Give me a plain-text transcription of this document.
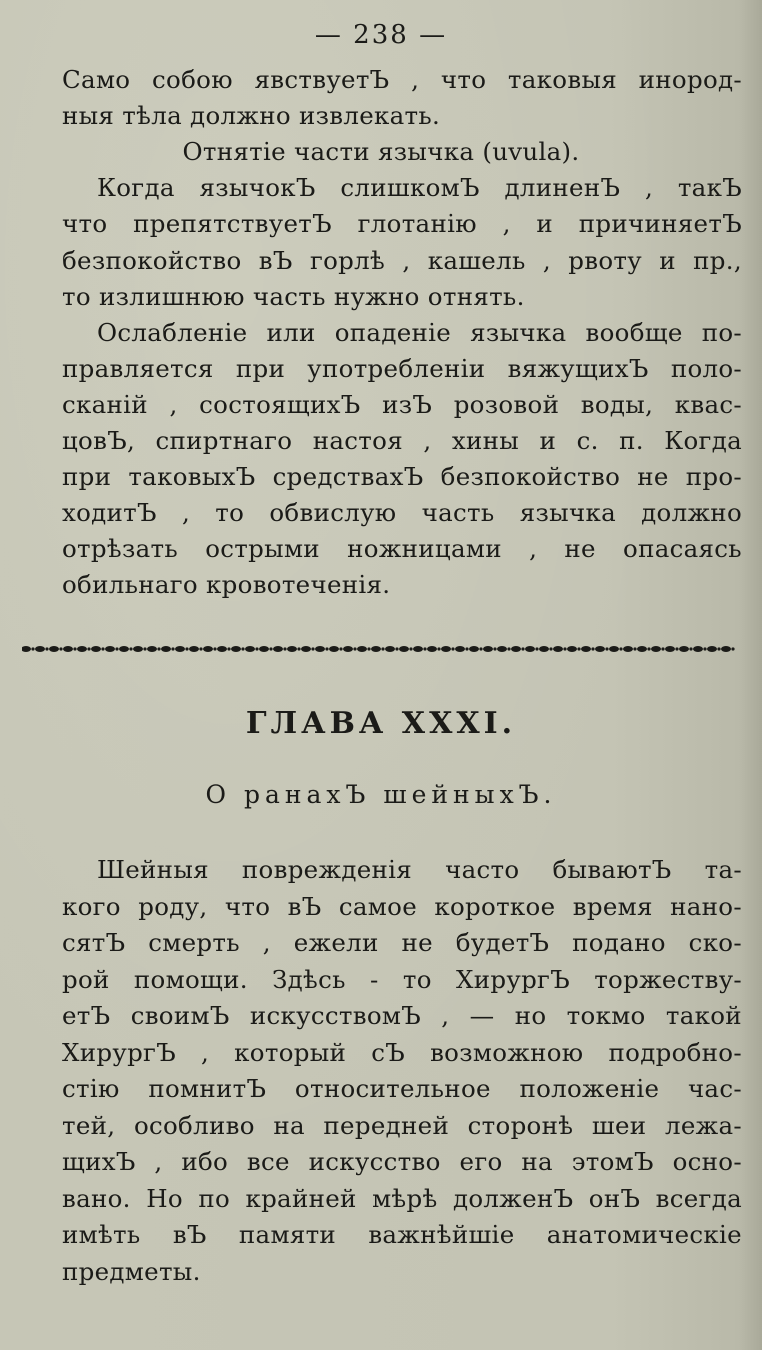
— 238 —
Само собою явствуетЪ , что таковыя инород-
ныя тѣла должно извлекать.
Отнятіе части язычка (uvula).
Когда язычокЪ слишкомЪ длиненЪ , такЪ
что препятствуетЪ глотанію , и причиняетЪ
безпокойство вЪ горлѣ , кашель , рвоту и пр.,
то излишнюю часть нужно отнять.
Ослабленіе или опаденіе язычка вообще по-
правляется при употребленіи вяжущихЪ поло-
сканій , состоящихЪ изЪ розовой воды, квас-
цовЪ, спиртнаго настоя , хины и с. п. Когда
при таковыхЪ средствахЪ безпокойство не про-
ходитЪ , то обвислую часть язычка должно
отрѣзать острыми ножницами , не опасаясь
обильнаго кровотеченія.
ГЛАВА XXXI.
О ранахЪ шейныхЪ.
Шейныя поврежденія часто бываютЪ та-
кого роду, что вЪ самое короткое время нано-
сятЪ смерть , ежели не будетЪ подано ско-
рой помощи. Здѣсь - то ХирургЪ торжеству-
етЪ своимЪ искусствомЪ , — но токмо такой
ХирургЪ , который сЪ возможною подробно-
стію помнитЪ относительное положеніе час-
тей, особливо на передней сторонѣ шеи лежа-
щихЪ , ибо все искусство его на этомЪ осно-
вано. Но по крайней мѣрѣ долженЪ онЪ всегда
имѣть вЪ памяти важнѣйшіе анатомическіе
предметы.
